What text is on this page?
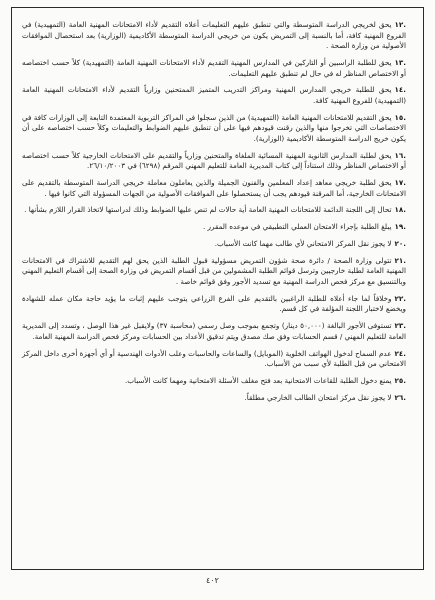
.١٢يحق لخريجي الدراسة المتوسطة والتي تنطبق عليهم التعليمات أعلاه التقديم لأداء الامتحانات المهنية العامة (التمهيدية) في الفروع المهنية كافة، أما بالنسبة إلى التمريض يكون من خريجي الدراسة المتوسطة الأكاديمية (الوزارية) بعد استحصال الموافقات الأصولية من وزارة الصحة .

.١٣يحق للطلبة الراسبين أو التاركين في المدارس المهنية التقديم لأداء الامتحانات المهنية العامة (التمهيدية) كلاً حسب اختصاصه أو الاختصاص المناظر له في حال لم تنطبق عليهم التعليمات.

.١٤يحق للطلبة خريجي المدارس المهنية ومراكز التدريب المتميز الممتحنين وزارياً التقديم لأداء الامتحانات المهنية العامة (التمهيدية) للفروع المهنية كافة.

.١٥يحق التقديم للامتحانات المهنية العامة (التمهيدية) من الذين سجلوا في المراكز التربوية المعتمدة التابعة إلى الوزارات كافة في الاختصاصات التي تخرجوا منها والذين رقنت قيودهم فيها على أن تنطبق عليهم الضوابط والتعليمات وكلاً حسب اختصاصه على أن يكون خريج الدراسة المتوسطة الأكاديمية (الوزارية).

.١٦يحق لطلبة المدارس الثانوية المهنية المسائية الملغاة والمتحنين وزارياً والتقديم على الامتحانات الخارجية كلاً حسب اختصاصه أو الاختصاص المناظر وذلك استناداً إلى كتاب المديرية العامة للتعليم المهني المرقم (٦٢٩٨) في ٢٦/١٠/٢٠٠٣.

.١٧يحق لطلبة خريجي معاهد إعداد المعلمين والفنون الجميلة والذين يعاملون معاملة خريجي الدراسة المتوسطة بالتقديم على الامتحانات الخارجية، أما المرقنة قيودهم يجب أن يستحصلوا على الموافقات الأصولية من الجهات المسؤولة التي كانوا فيها .

.١٨تحال إلى اللجنة الدائمة للامتحانات المهنية العامة أية حالات لم تنص عليها الضوابط وذلك لدراستها لاتخاذ القرار اللازم بشأنها .

.١٩يبلغ الطلبة بإجراء الامتحان العملي التطبيقي في موعده المقرر .

.٢٠لا يجوز نقل المركز الامتحاني لأي طالب مهما كانت الأسباب.

.٢١تتولى وزارة الصحة / دائرة صحة شؤون التمريض مسؤولية قبول الطلبة الذين يحق لهم التقديم للاشتراك في الامتحانات المهنية العامة لطلبة خارجيين وترسل قوائم الطلبة المشمولين من قبل أقسام التمريض في وزارة الصحة إلى أقسام التعليم المهني وبالتنسيق مع مركز فحص الدراسة المهنية مع تسديد الأجور وفق قوائم خاصة .

.٢٢وخلافاً لما جاء أعلاه للطلبة الراغبين بالتقديم على الفرع الزراعي يتوجب عليهم إثبات ما يؤيد حاجة مكان عمله للشهادة ويخضع لاختبار اللجنة المؤلفة في كل قسم.

.٢٣تستوفى الأجور البالغة (٥٠,٠٠٠ دينار) وتجمع بموجب وصل رسمي (محاسبة ٣٧) ولايقبل غير هذا الوصل ، وتسدد إلى المديرية العامة للتعليم المهني / قسم الحسابات وفق صك مصدق ويتم تدقيق الأعداد بين الحسابات ومركز فحص الدراسة المهنية العامة.

.٢٤عدم السماح لدخول الهواتف الخلوية (الموبايل) والساعات والحاسبات وعلب الأدوات الهندسية أو أي أجهزة أخرى داخل المركز الامتحاني من قبل الطلبة لأي سبب من الأسباب.

.٢٥يمنع دخول الطلبة للقاعات الامتحانية بعد فتح مغلف الأسئلة الامتحانية ومهما كانت الأسباب.

.٢٦لا يجوز نقل مركز امتحان الطالب الخارجي مطلقاً.

٤٠٢
